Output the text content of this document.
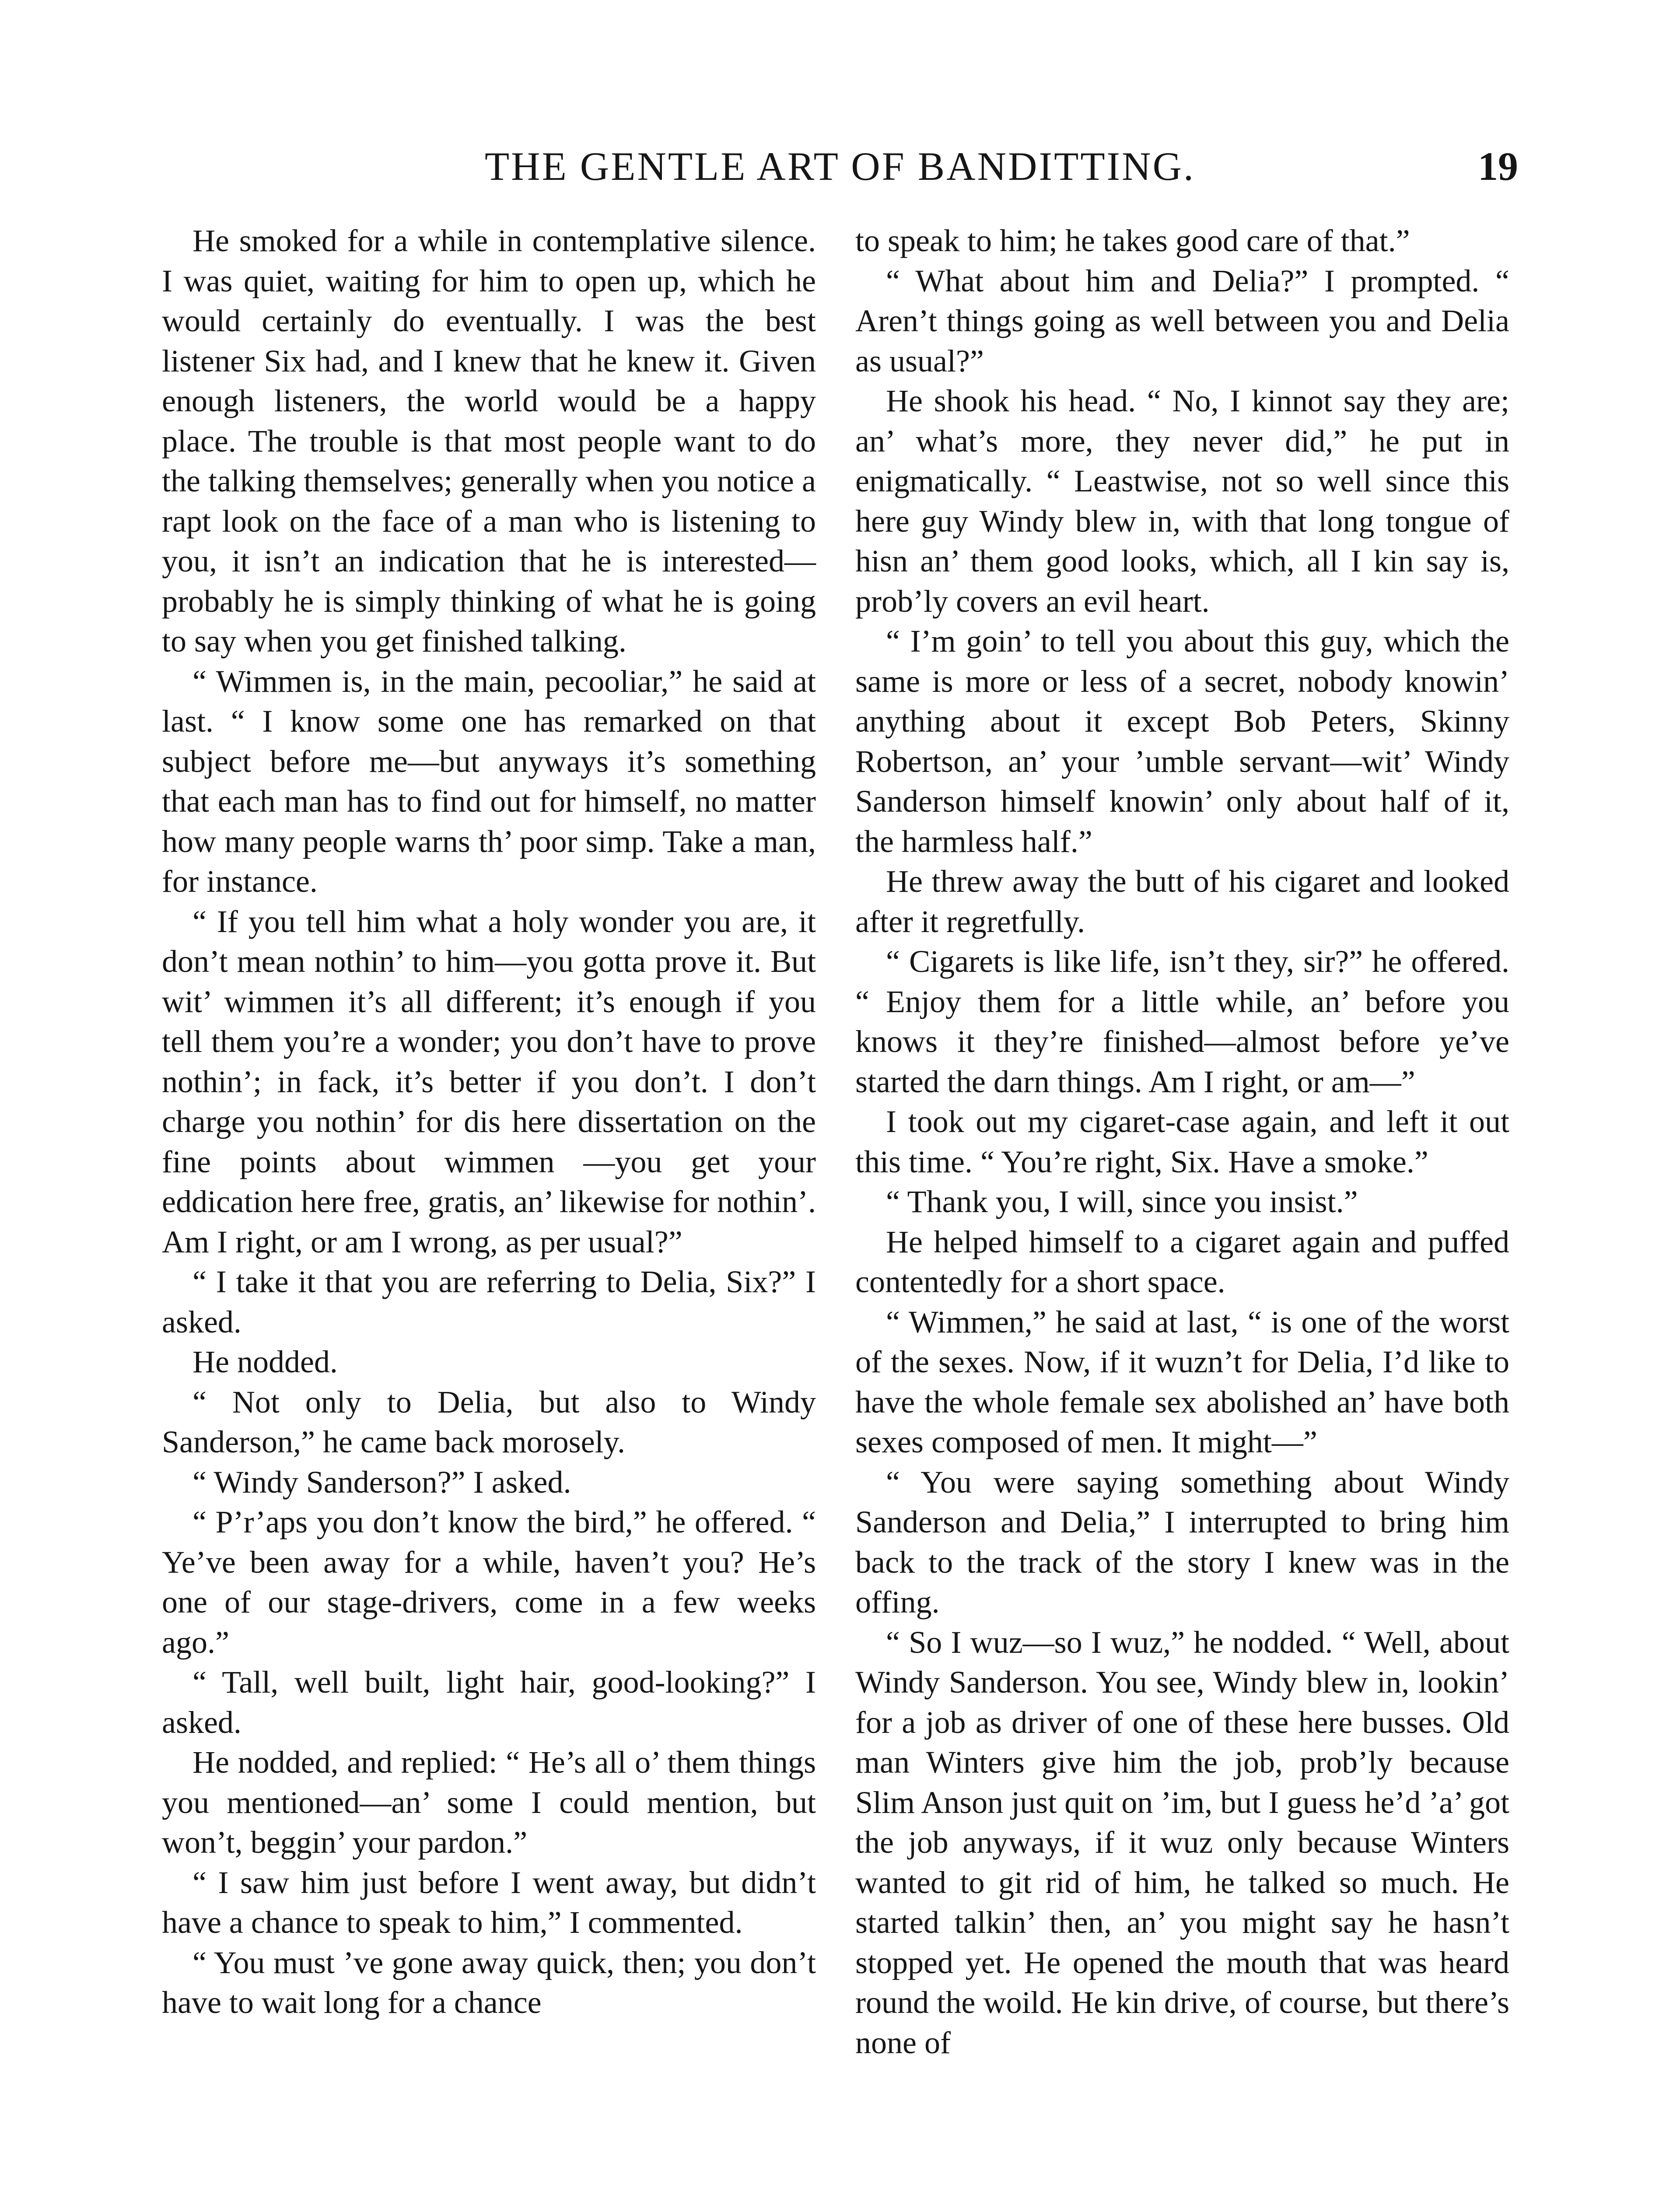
THE GENTLE ART OF BANDITTING.	19

He smoked for a while in contemplative silence. I was quiet, waiting for him to open up, which he would certainly do eventually. I was the best listener Six had, and I knew that he knew it. Given enough listeners, the world would be a happy place. The trouble is that most people want to do the talking themselves; generally when you notice a rapt look on the face of a man who is listening to you, it isn’t an indication that he is interested—probably he is simply thinking of what he is going to say when you get finished talking.

“ Wimmen is, in the main, pecooliar,” he said at last. “ I know some one has remarked on that subject before me—but anyways it’s something that each man has to find out for himself, no matter how many people warns th’ poor simp. Take a man, for instance.

“ If you tell him what a holy wonder you are, it don’t mean nothin’ to him—you gotta prove it. But wit’ wimmen it’s all different; it’s enough if you tell them you’re a wonder; you don’t have to prove nothin’; in fack, it’s better if you don’t. I don’t charge you nothin’ for dis here dissertation on the fine points about wimmen —you get your eddication here free, gratis, an’ likewise for nothin’. Am I right, or am I wrong, as per usual?”

“ I take it that you are referring to Delia, Six?” I asked.

He nodded.

“ Not only to Delia, but also to Windy Sanderson,” he came back morosely.

“ Windy Sanderson?” I asked.

“ P’r’aps you don’t know the bird,” he offered. “ Ye’ve been away for a while, haven’t you? He’s one of our stage-drivers, come in a few weeks ago.”

“ Tall, well built, light hair, good-looking?” I asked.

He nodded, and replied: “ He’s all o’ them things you mentioned—an’ some I could mention, but won’t, beggin’ your pardon.”

“ I saw him just before I went away, but didn’t have a chance to speak to him,” I commented.

“ You must ’ve gone away quick, then; you don’t have to wait long for a chance

to speak to him; he takes good care of that.”

“ What about him and Delia?” I prompted. “ Aren’t things going as well between you and Delia as usual?”

He shook his head. “ No, I kinnot say they are; an’ what’s more, they never did,” he put in enigmatically. “ Leastwise, not so well since this here guy Windy blew in, with that long tongue of hisn an’ them good looks, which, all I kin say is, prob’ly covers an evil heart.

“ I’m goin’ to tell you about this guy, which the same is more or less of a secret, nobody knowin’ anything about it except Bob Peters, Skinny Robertson, an’ your ’umble servant—wit’ Windy Sanderson himself knowin’ only about half of it, the harmless half.”

He threw away the butt of his cigaret and looked after it regretfully.

“ Cigarets is like life, isn’t they, sir?” he offered. “ Enjoy them for a little while, an’ before you knows it they’re finished—almost before ye’ve started the darn things. Am I right, or am—”

I took out my cigaret-case again, and left it out this time. “ You’re right, Six. Have a smoke.”

“ Thank you, I will, since you insist.”

He helped himself to a cigaret again and puffed contentedly for a short space.

“ Wimmen,” he said at last, “ is one of the worst of the sexes. Now, if it wuzn’t for Delia, I’d like to have the whole female sex abolished an’ have both sexes composed of men. It might—”

“ You were saying something about Windy Sanderson and Delia,” I interrupted to bring him back to the track of the story I knew was in the offing.

“ So I wuz—so I wuz,” he nodded. “ Well, about Windy Sanderson. You see, Windy blew in, lookin’ for a job as driver of one of these here busses. Old man Winters give him the job, prob’ly because Slim Anson just quit on ’im, but I guess he’d ’a’ got the job anyways, if it wuz only because Winters wanted to git rid of him, he talked so much. He started talkin’ then, an’ you might say he hasn’t stopped yet. He opened the mouth that was heard round the woild. He kin drive, of course, but there’s none of
